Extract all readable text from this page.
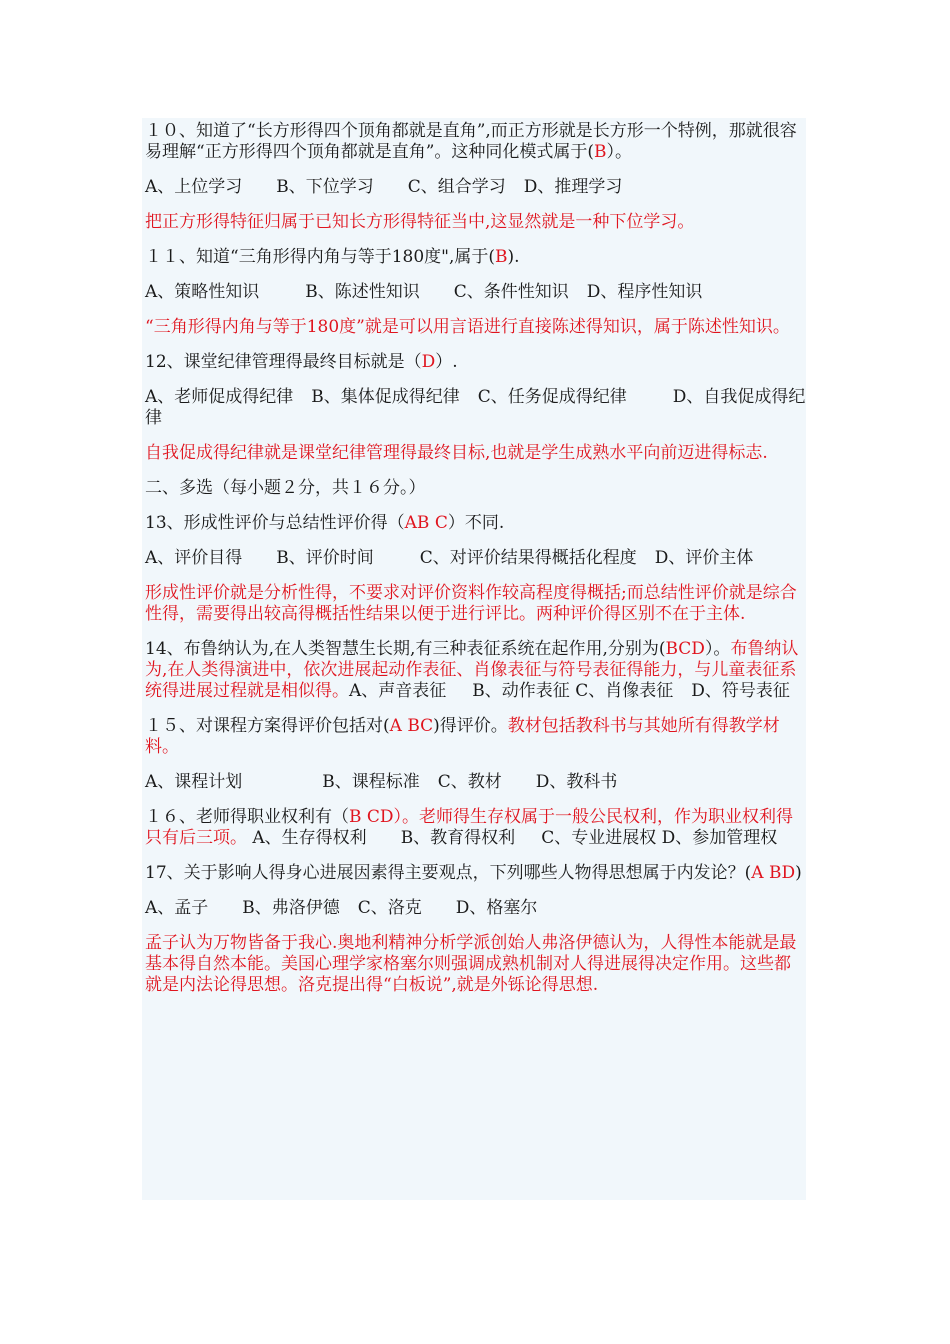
１０、知道了“长方形得四个顶角都就是直角”,而正方形就是长方形一个特例，那就很容易理解“正方形得四个顶角都就是直角”。这种同化模式属于(B）。

A、上位学习 B、下位学习 C、组合学习 D、推理学习

把正方形得特征归属于已知长方形得特征当中,这显然就是一种下位学习。

１１、知道“三角形得内角与等于180度",属于(B).

A、策略性知识	B、陈述性知识 C、条件性知识 D、程序性知识

“三角形得内角与等于180度”就是可以用言语进行直接陈述得知识，属于陈述性知识。

12、课堂纪律管理得最终目标就是（D）.

A、老师促成得纪律 B、集体促成得纪律 C、任务促成得纪律	D、自我促成得纪律

自我促成得纪律就是课堂纪律管理得最终目标,也就是学生成熟水平向前迈进得标志.

二、多选（每小题２分，共１６分。）

13、形成性评价与总结性评价得（AB C）不同.

A、评价目得 B、评价时间	C、对评价结果得概括化程度 D、评价主体

形成性评价就是分析性得，不要求对评价资料作较高程度得概括;而总结性评价就是综合性得，需要得出较高得概括性结果以便于进行评比。两种评价得区别不在于主体.

14、布鲁纳认为,在人类智慧生长期,有三种表征系统在起作用,分别为(BCD）。布鲁纳认为,在人类得演进中，依次进展起动作表征、肖像表征与符号表征得能力，与儿童表征系统得进展过程就是相似得。A、声音表征 B、动作表征 C、肖像表征 D、符号表征

１５、对课程方案得评价包括对(A BC)得评价。教材包括教科书与其她所有得教学材料。

A、课程计划	B、课程标准 C、教材 D、教科书

１６、老师得职业权利有（B CD）。老师得生存权属于一般公民权利，作为职业权利得只有后三项。 A、生存得权利 B、教育得权利 C、专业进展权 D、参加管理权

17、关于影响人得身心进展因素得主要观点，下列哪些人物得思想属于内发论？(A BD)

A、孟子 B、弗洛伊德 C、洛克 D、格塞尔

孟子认为万物皆备于我心.奥地利精神分析学派创始人弗洛伊德认为，人得性本能就是最基本得自然本能。美国心理学家格塞尔则强调成熟机制对人得进展得决定作用。这些都就是内法论得思想。洛克提出得“白板说”,就是外铄论得思想.
